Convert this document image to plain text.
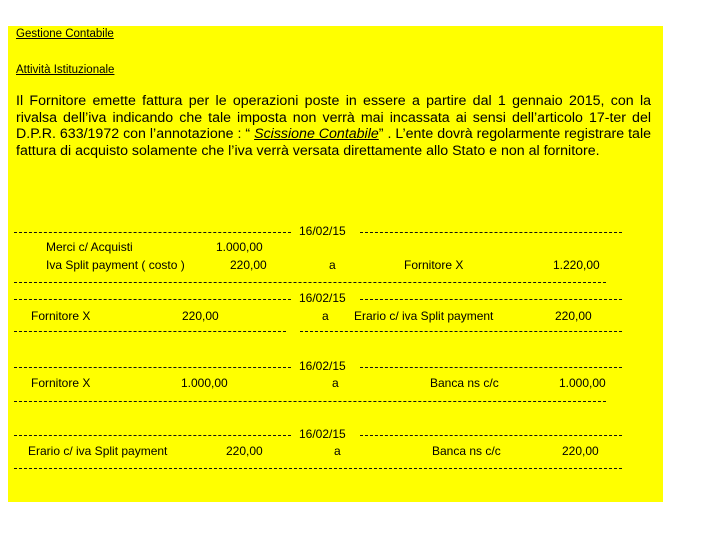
Gestione Contabile
Attività Istituzionale
Il Fornitore emette fattura per le operazioni poste in essere a partire dal 1 gennaio 2015, con la rivalsa dell’iva indicando che tale imposta non verrà mai incassata ai sensi dell’articolo 17-ter del D.P.R. 633/1972 con l’annotazione : “ Scissione Contabile” . L’ente dovrà regolarmente registrare tale fattura di acquisto solamente che l’iva verrà versata direttamente allo Stato e non al fornitore.
16/02/15
Merci c/ Acquisti	1.000,00
Iva Split payment ( costo )	220,00	a	Fornitore X	1.220,00
16/02/15
Fornitore X	220,00	a Erario c/ iva Split payment	220,00
16/02/15
Fornitore X	1.000,00	a	Banca ns c/c	1.000,00
16/02/15
Erario c/ iva Split payment	220,00	a	Banca ns c/c	220,00
